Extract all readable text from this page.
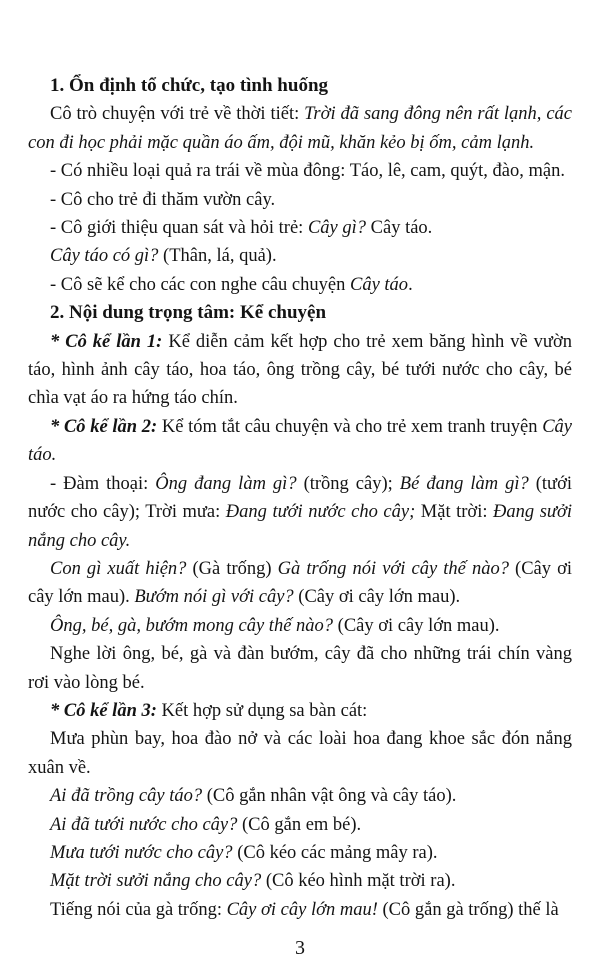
1. Ổn định tổ chức, tạo tình huống

Cô trò chuyện với trẻ về thời tiết: Trời đã sang đông nên rất lạnh, các con đi học phải mặc quần áo ấm, đội mũ, khăn kẻo bị ốm, cảm lạnh.

- Có nhiều loại quả ra trái về mùa đông: Táo, lê, cam, quýt, đào, mận.

- Cô cho trẻ đi thăm vườn cây.

- Cô giới thiệu quan sát và hỏi trẻ: Cây gì? Cây táo.

Cây táo có gì? (Thân, lá, quả).

- Cô sẽ kể cho các con nghe câu chuyện Cây táo.

2. Nội dung trọng tâm: Kể chuyện

* Cô kể lần 1: Kể diễn cảm kết hợp cho trẻ xem băng hình về vườn táo, hình ảnh cây táo, hoa táo, ông trồng cây, bé tưới nước cho cây, bé chìa vạt áo ra hứng táo chín.

* Cô kể lần 2: Kể tóm tắt câu chuyện và cho trẻ xem tranh truyện Cây táo.

- Đàm thoại: Ông đang làm gì? (trồng cây); Bé đang làm gì? (tưới nước cho cây); Trời mưa: Đang tưới nước cho cây; Mặt trời: Đang sưởi nắng cho cây.

Con gì xuất hiện? (Gà trống) Gà trống nói với cây thế nào? (Cây ơi cây lớn mau). Bướm nói gì với cây? (Cây ơi cây lớn mau).

Ông, bé, gà, bướm mong cây thế nào? (Cây ơi cây lớn mau).

Nghe lời ông, bé, gà và đàn bướm, cây đã cho những trái chín vàng rơi vào lòng bé.

* Cô kể lần 3: Kết hợp sử dụng sa bàn cát:

Mưa phùn bay, hoa đào nở và các loài hoa đang khoe sắc đón nắng xuân về.

Ai đã trồng cây táo? (Cô gắn nhân vật ông và cây táo).

Ai đã tưới nước cho cây? (Cô gắn em bé).

Mưa tưới nước cho cây? (Cô kéo các mảng mây ra).

Mặt trời sưởi nắng cho cây? (Cô kéo hình mặt trời ra).

Tiếng nói của gà trống: Cây ơi cây lớn mau! (Cô gắn gà trống) thế là

3
